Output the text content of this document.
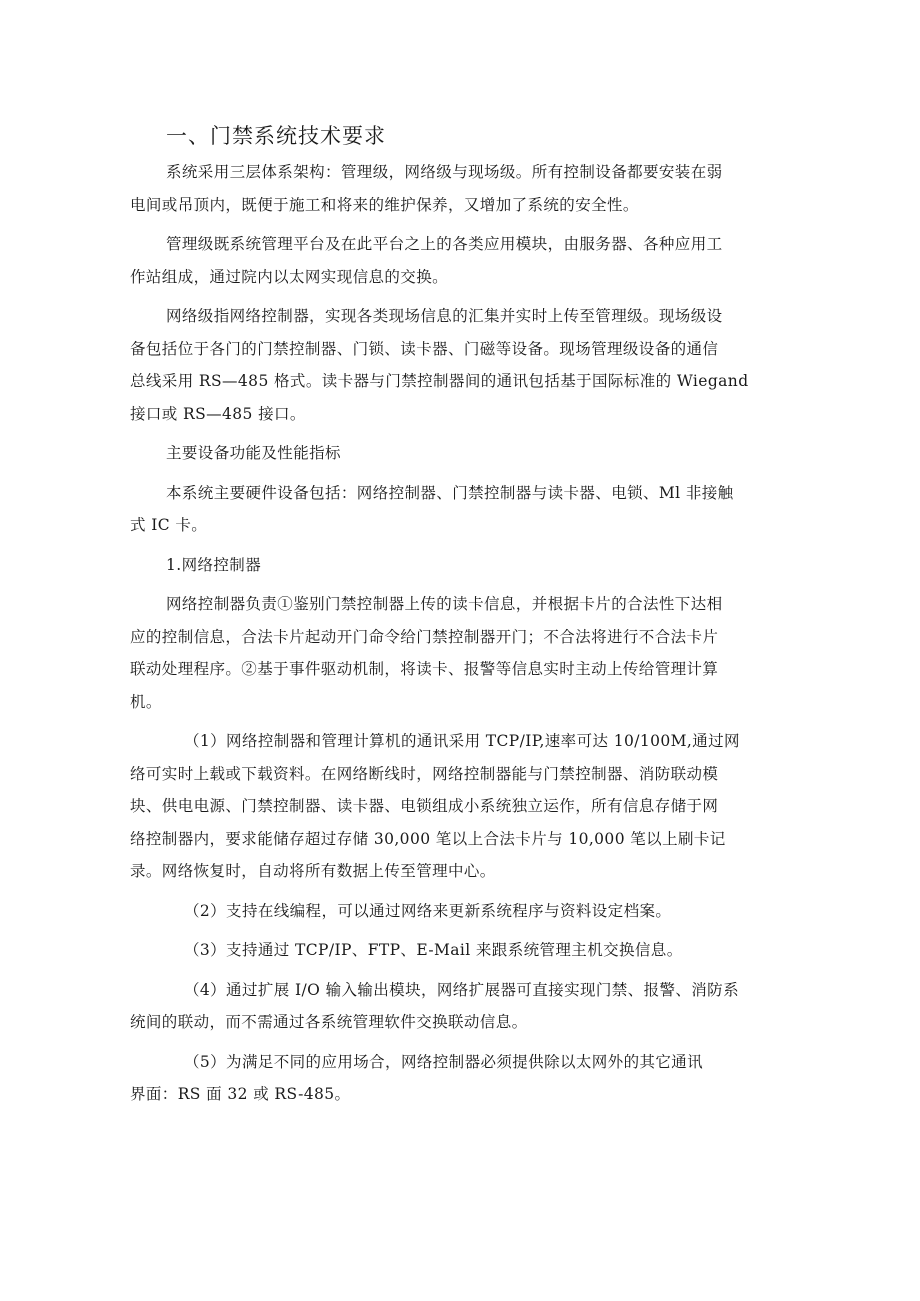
一、门禁系统技术要求

系统采用三层体系架构：管理级，网络级与现场级。所有控制设备都要安装在弱
电间或吊顶内，既便于施工和将来的维护保养，又增加了系统的安全性。

管理级既系统管理平台及在此平台之上的各类应用模块，由服务器、各种应用工
作站组成，通过院内以太网实现信息的交换。

网络级指网络控制器，实现各类现场信息的汇集并实时上传至管理级。现场级设
备包括位于各门的门禁控制器、门锁、读卡器、门磁等设备。现场管理级设备的通信
总线采用 RS—485 格式。读卡器与门禁控制器间的通讯包括基于国际标准的 Wiegand
接口或 RS—485 接口。

主要设备功能及性能指标

本系统主要硬件设备包括：网络控制器、门禁控制器与读卡器、电锁、Ml 非接触
式 IC 卡。

1.网络控制器

网络控制器负责①鉴别门禁控制器上传的读卡信息，并根据卡片的合法性下达相
应的控制信息，合法卡片起动开门命令给门禁控制器开门；不合法将进行不合法卡片
联动处理程序。②基于事件驱动机制，将读卡、报警等信息实时主动上传给管理计算
机。

（1）网络控制器和管理计算机的通讯采用 TCP/IP,速率可达 10/100M,通过网
络可实时上载或下载资料。在网络断线时，网络控制器能与门禁控制器、消防联动模
块、供电电源、门禁控制器、读卡器、电锁组成小系统独立运作，所有信息存储于网
络控制器内，要求能储存超过存储 30,000 笔以上合法卡片与 10,000 笔以上刷卡记
录。网络恢复时，自动将所有数据上传至管理中心。

（2）支持在线编程，可以通过网络来更新系统程序与资料设定档案。

（3）支持通过 TCP/IP、FTP、E-Mail 来跟系统管理主机交换信息。

（4）通过扩展 I/O 输入输出模块，网络扩展器可直接实现门禁、报警、消防系
统间的联动，而不需通过各系统管理软件交换联动信息。

（5）为满足不同的应用场合，网络控制器必须提供除以太网外的其它通讯
界面：RS 面 32 或 RS-485。
